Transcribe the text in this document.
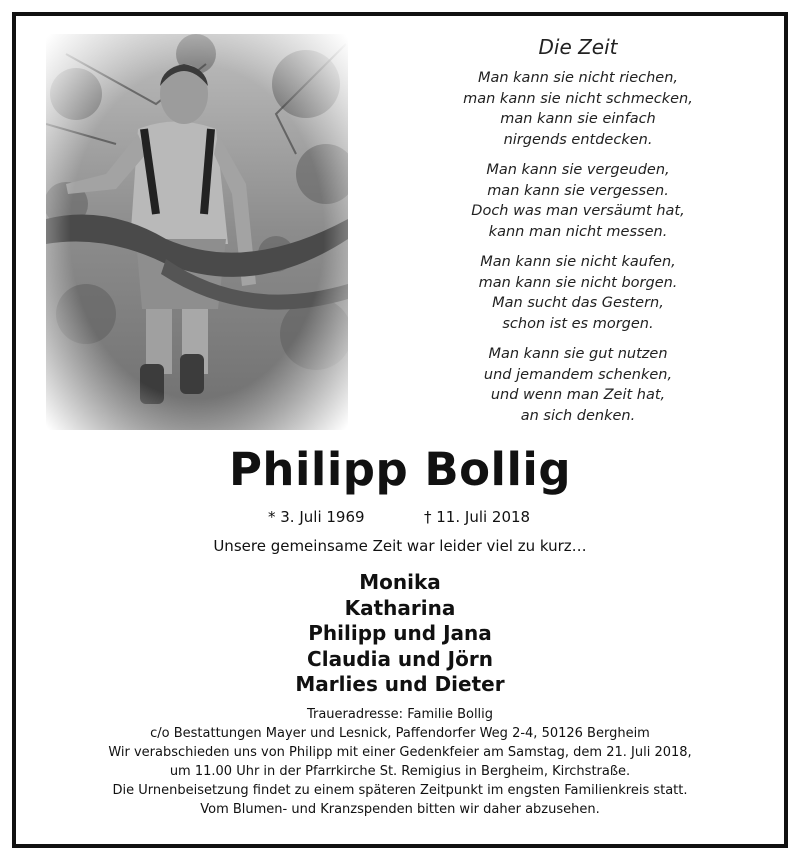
Die Zeit
Man kann sie nicht riechen,
man kann sie nicht schmecken,
man kann sie einfach
nirgends entdecken.
Man kann sie vergeuden,
man kann sie vergessen.
Doch was man versäumt hat,
kann man nicht messen.
Man kann sie nicht kaufen,
man kann sie nicht borgen.
Man sucht das Gestern,
schon ist es morgen.
Man kann sie gut nutzen
und jemandem schenken,
und wenn man Zeit hat,
an sich denken.
Philipp Bollig
* 3. Juli 1969	† 11. Juli 2018
Unsere gemeinsame Zeit war leider viel zu kurz…
Monika
Katharina
Philipp und Jana
Claudia und Jörn
Marlies und Dieter
Traueradresse: Familie Bollig
c/o Bestattungen Mayer und Lesnick, Paffendorfer Weg 2-4, 50126 Bergheim
Wir verabschieden uns von Philipp mit einer Gedenkfeier am Samstag, dem 21. Juli 2018,
um 11.00 Uhr in der Pfarrkirche St. Remigius in Bergheim, Kirchstraße.
Die Urnenbeisetzung findet zu einem späteren Zeitpunkt im engsten Familienkreis statt.
Vom Blumen- und Kranzspenden bitten wir daher abzusehen.
